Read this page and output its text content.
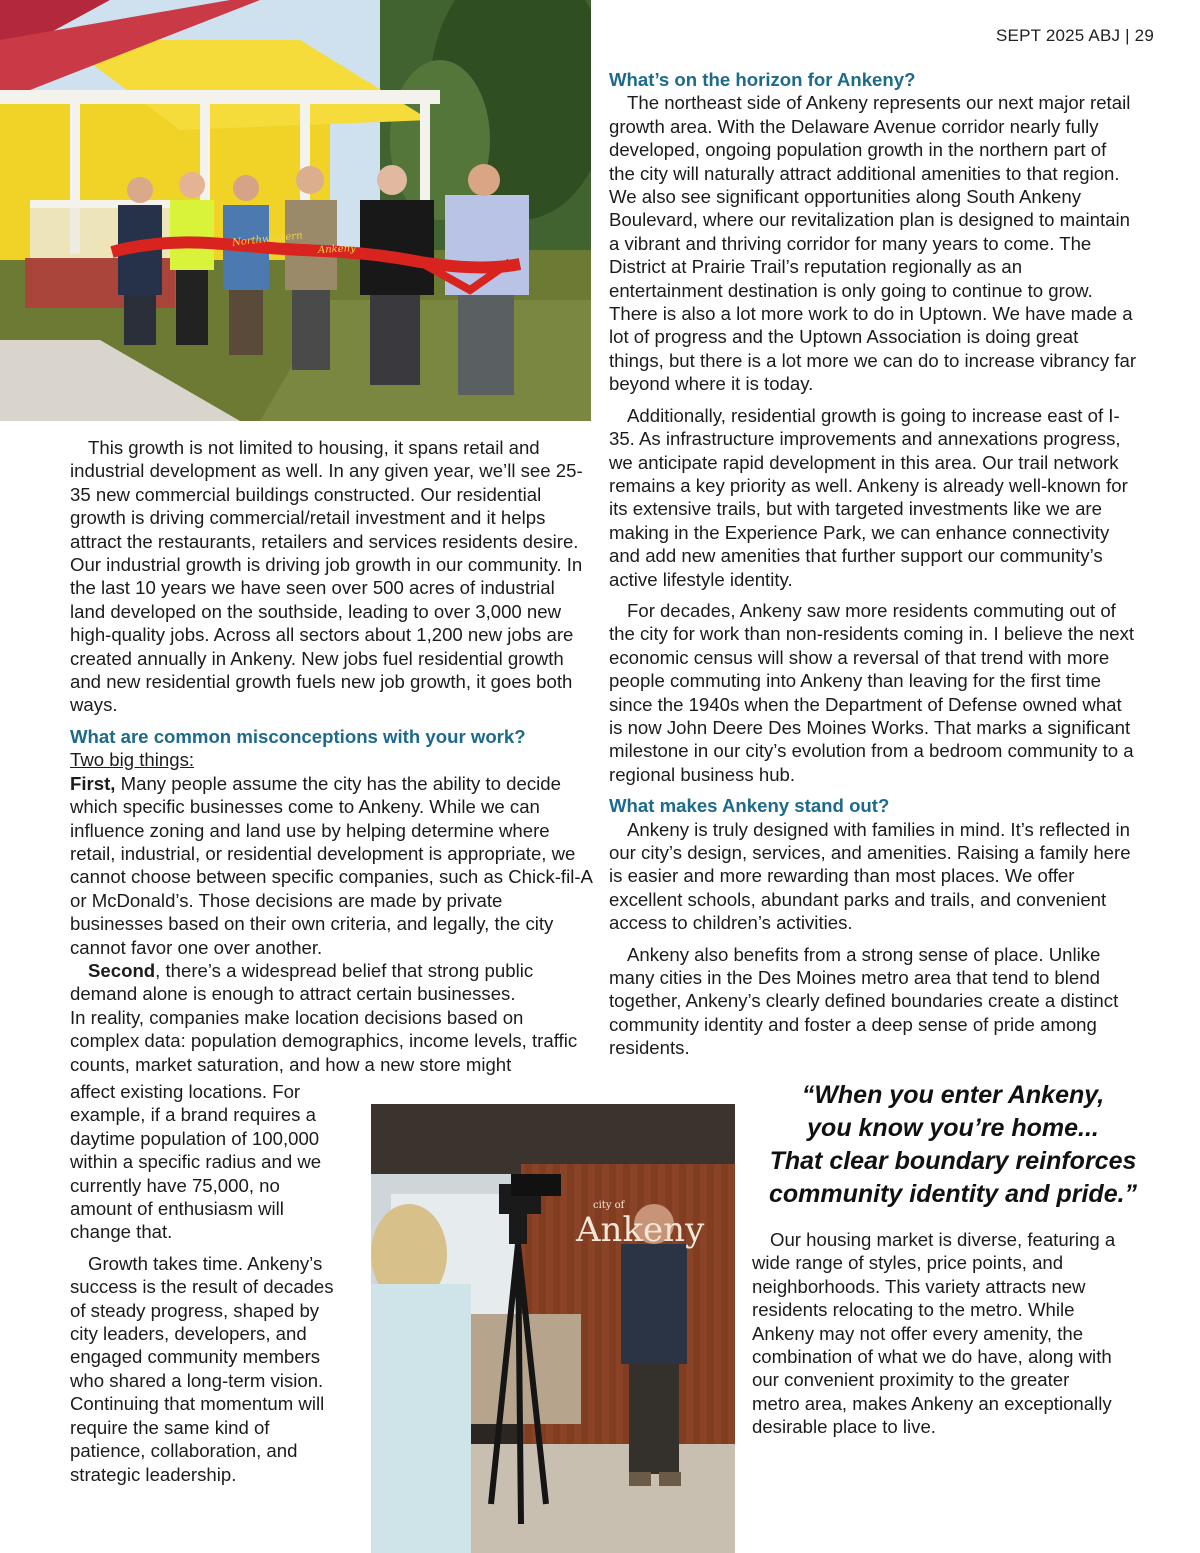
SEPT 2025 ABJ | 29
Northwestern
Ankeny

This growth is not limited to housing, it spans retail and industrial development as well. In any given year, we’ll see 25-35 new commercial buildings constructed. Our residential growth is driving commercial/retail investment and it helps attract the restaurants, retailers and services residents desire. Our industrial growth is driving job growth in our community. In the last 10 years we have seen over 500 acres of industrial land developed on the southside, leading to over 3,000 new high-quality jobs. Across all sectors about 1,200 new jobs are created annually in Ankeny. New jobs fuel residential growth and new residential growth fuels new job growth, it goes both ways.

What are common misconceptions with your work?
Two big things:
First, Many people assume the city has the ability to decide which specific businesses come to Ankeny. While we can influence zoning and land use by helping determine where retail, industrial, or residential development is appropriate, we cannot choose between specific companies, such as Chick-fil-A or McDonald’s. Those decisions are made by private businesses based on their own criteria, and legally, the city cannot favor one over another.
Second, there’s a widespread belief that strong public demand alone is enough to attract certain businesses.
In reality, companies make location decisions based on complex data: population demographics, income levels, traffic counts, market saturation, and how a new store might

affect existing locations. For example, if a brand requires a daytime population of 100,000 within a specific radius and we currently have 75,000, no amount of enthusiasm will change that.

Growth takes time. Ankeny’s success is the result of decades of steady progress, shaped by city leaders, developers, and engaged community members who shared a long-term vision. Continuing that momentum will require the same kind of patience, collaboration, and strategic leadership.

city of
Ankeny
What’s on the horizon for Ankeny?

The northeast side of Ankeny represents our next major retail growth area. With the Delaware Avenue corridor nearly fully developed, ongoing population growth in the northern part of the city will naturally attract additional amenities to that region. We also see significant opportunities along South Ankeny Boulevard, where our revitalization plan is designed to maintain a vibrant and thriving corridor for many years to come. The District at Prairie Trail’s reputation regionally as an entertainment destination is only going to continue to grow. There is also a lot more work to do in Uptown. We have made a lot of progress and the Uptown Association is doing great things, but there is a lot more we can do to increase vibrancy far beyond where it is today.

Additionally, residential growth is going to increase east of I-35. As infrastructure improvements and annexations progress, we anticipate rapid development in this area. Our trail network remains a key priority as well. Ankeny is already well-known for its extensive trails, but with targeted investments like we are making in the Experience Park, we can enhance connectivity and add new amenities that further support our community’s active lifestyle identity.

For decades, Ankeny saw more residents commuting out of the city for work than non-residents coming in. I believe the next economic census will show a reversal of that trend with more people commuting into Ankeny than leaving for the first time since the 1940s when the Department of Defense owned what is now John Deere Des Moines Works. That marks a significant milestone in our city’s evolution from a bedroom community to a regional business hub.

What makes Ankeny stand out?

Ankeny is truly designed with families in mind. It’s reflected in our city’s design, services, and amenities. Raising a family here is easier and more rewarding than most places. We offer excellent schools, abundant parks and trails, and convenient access to children’s activities.

Ankeny also benefits from a strong sense of place. Unlike many cities in the Des Moines metro area that tend to blend together, Ankeny’s clearly defined boundaries create a distinct community identity and foster a deep sense of pride among residents.

“When you enter Ankeny,
you know you’re home...
That clear boundary reinforces
community identity and pride.”

Our housing market is diverse, featuring a wide range of styles, price points, and neighborhoods. This variety attracts new residents relocating to the metro. While Ankeny may not offer every amenity, the combination of what we do have, along with our convenient proximity to the greater metro area, makes Ankeny an exceptionally desirable place to live.
